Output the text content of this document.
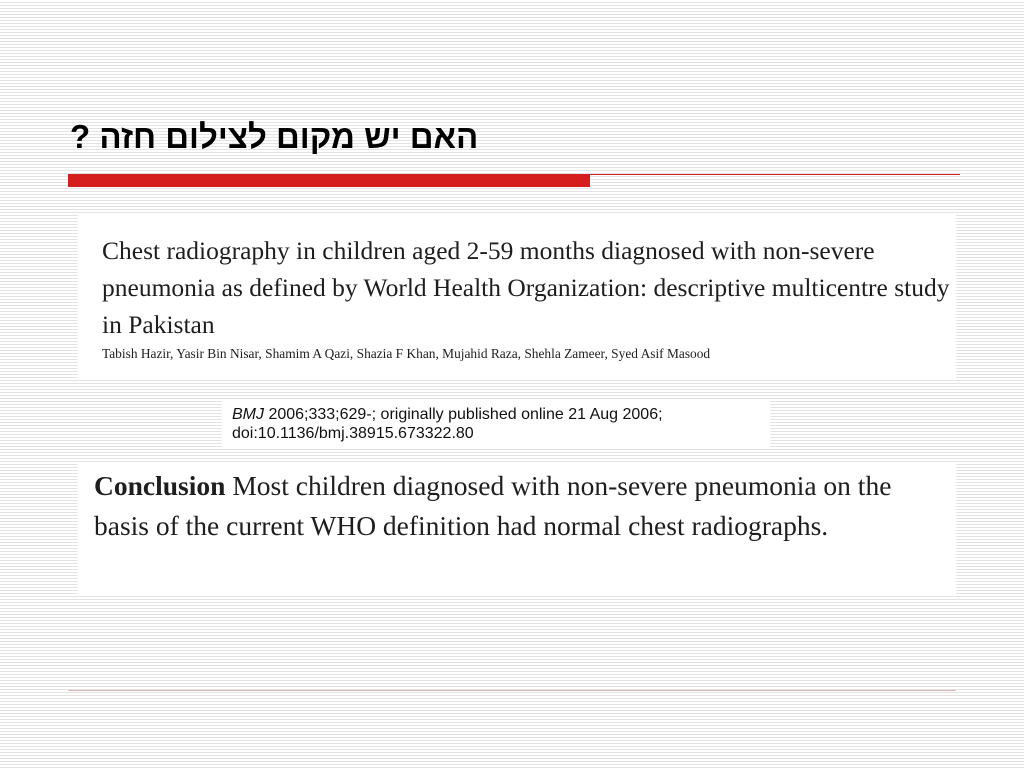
האם יש מקום לצילום חזה ?

Chest radiography in children aged 2-59 months diagnosed with non-severe pneumonia as defined by World Health Organization: descriptive multicentre study in Pakistan

Tabish Hazir, Yasir Bin Nisar, Shamim A Qazi, Shazia F Khan, Mujahid Raza, Shehla Zameer, Syed Asif Masood
BMJ 2006;333;629-; originally published online 21 Aug 2006;
doi:10.1136/bmj.38915.673322.80

Conclusion Most children diagnosed with non-severe pneumonia on the basis of the current WHO definition had normal chest radiographs.
